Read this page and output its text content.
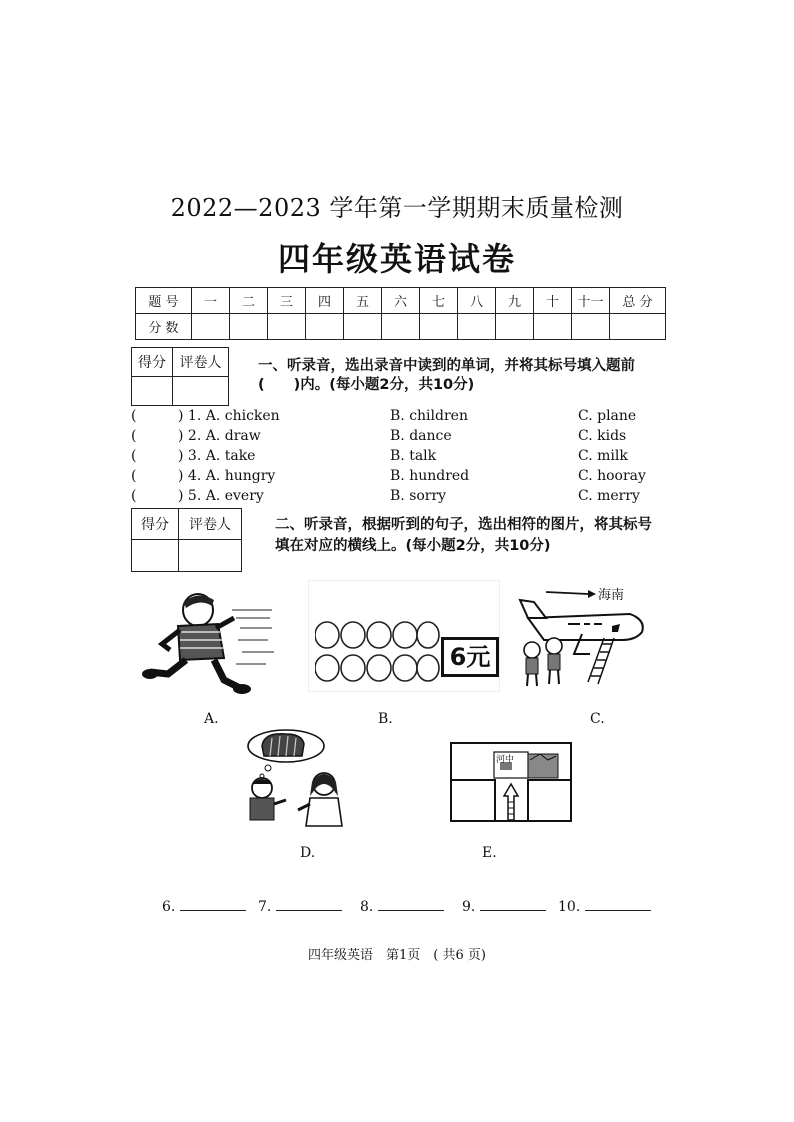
2022—2023 学年第一学期期末质量检测
四年级英语试卷
题 号	一	二	三	四	五	六	七	八	九	十	十一	总 分
分 数												
得分	评卷人
		一、听录音，选出录音中读到的单词，并将其标号填入题前
(　　)内。(每小题2分，共10分)
(	) 1. A. chicken	B. children	C. plane
(	) 2. A. draw	B. dance	C. kids
(	) 3. A. take	B. talk	C. milk
(	) 4. A. hungry	B. hundred	C. hooray
(	) 5. A. every	B. sorry	C. merry
得分	评卷人
		二、听录音，根据听到的句子，选出相符的图片，将其标号
填在对应的横线上。(每小题2分，共10分)
6元
海南
A.	B.	C.
河中
D.	E.
6.	7.	8.	9.	10.
四年级英语　第1页　( 共6 页)
